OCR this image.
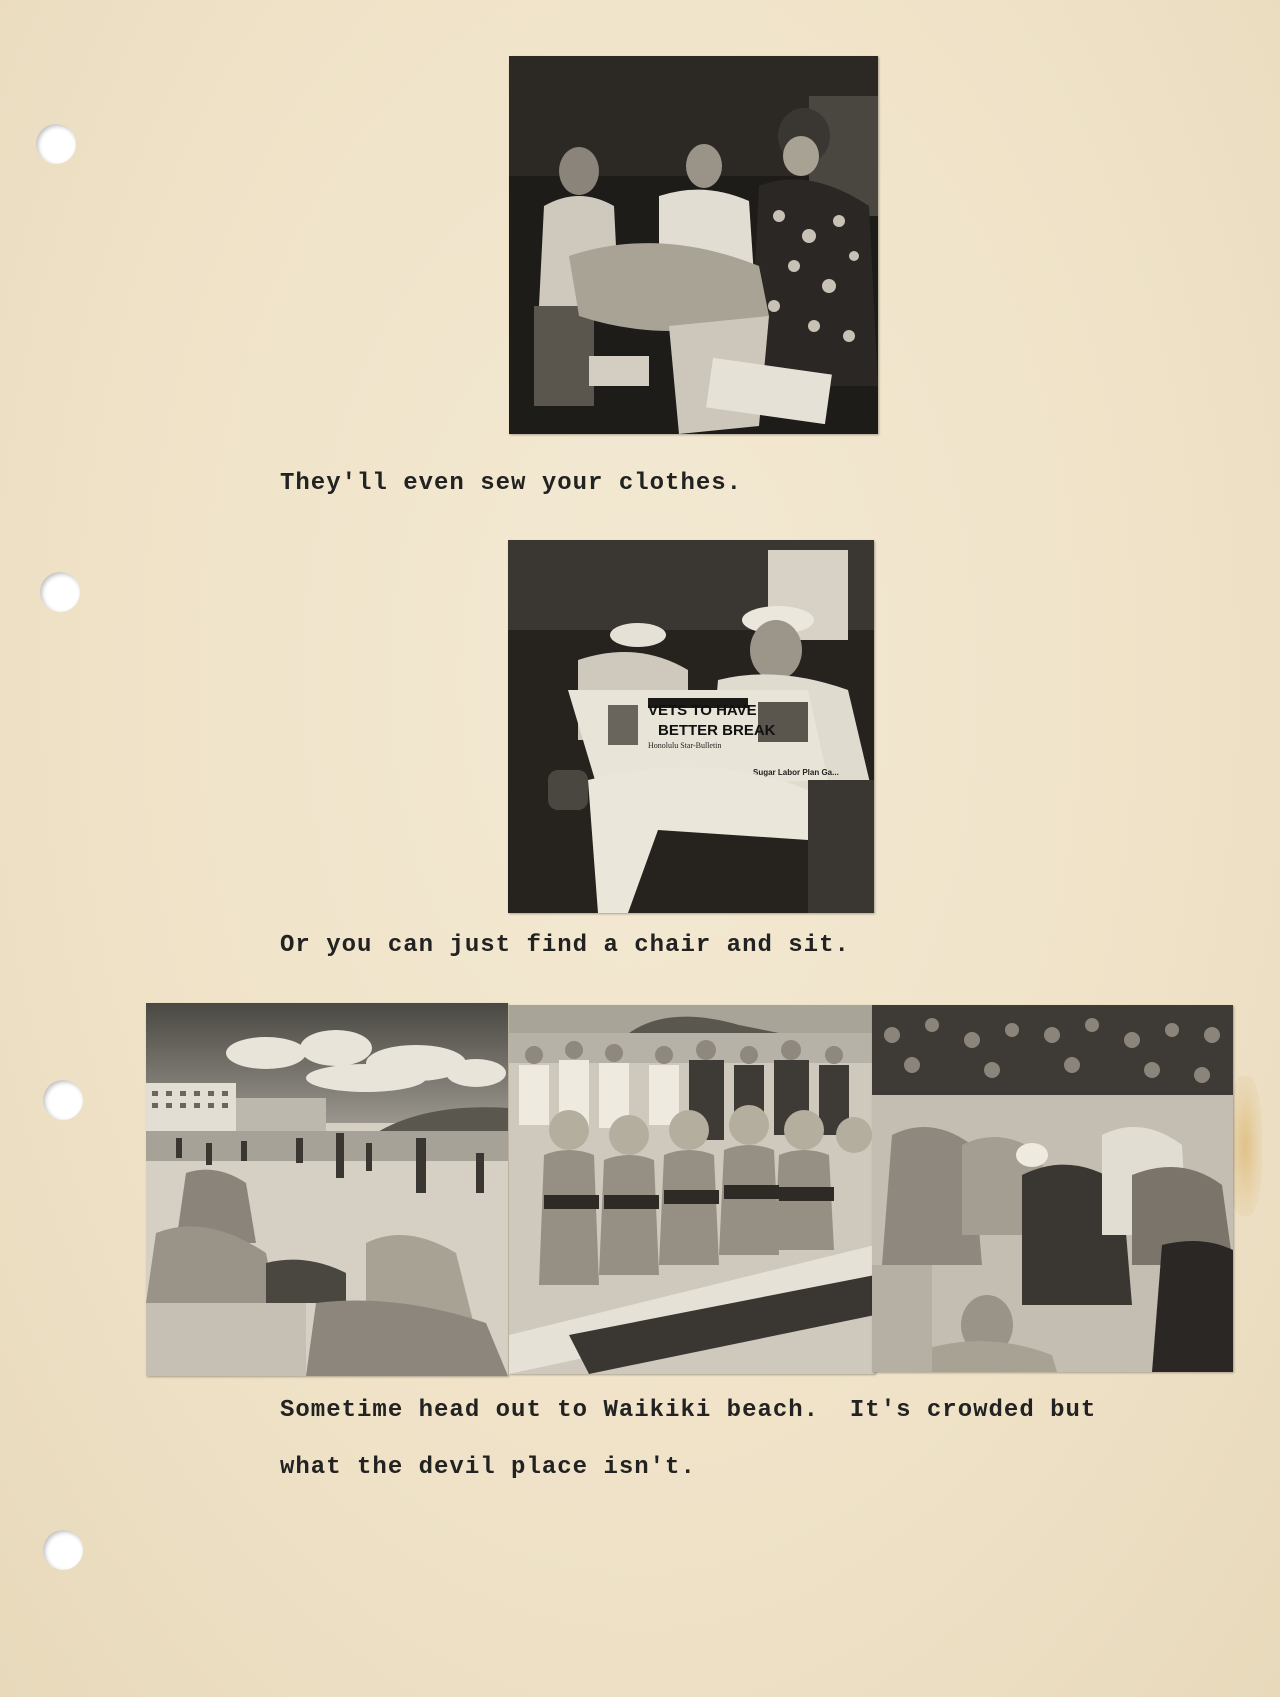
They'll even sew your clothes.
VETS TO HAVE
BETTER BREAK
Honolulu Star-Bulletin
Sugar Labor Plan Ga...
Or you can just find a chair and sit.
Sometime head out to Waikiki beach.  It's crowded but
what the devil place isn't.
